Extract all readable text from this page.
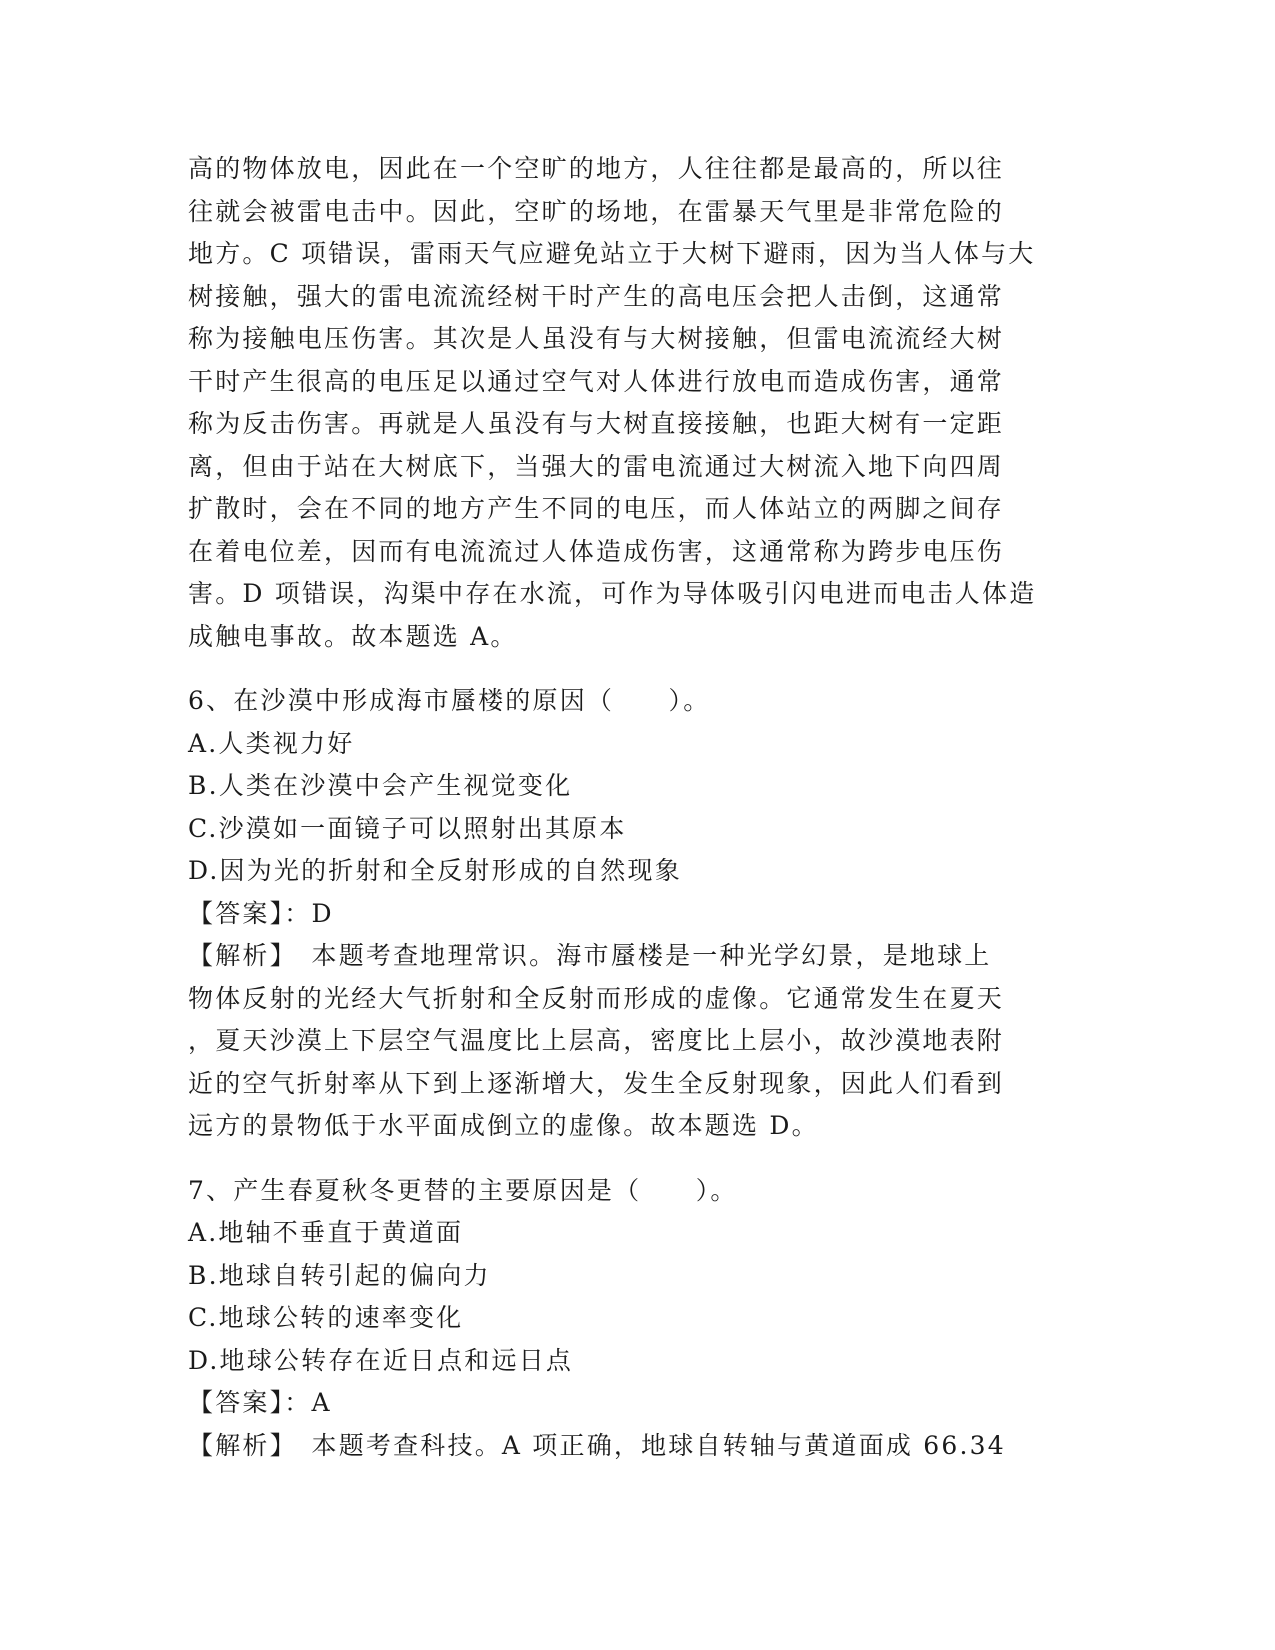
高的物体放电，因此在一个空旷的地方，人往往都是最高的，所以往
往就会被雷电击中。因此，空旷的场地，在雷暴天气里是非常危险的
地方。C 项错误，雷雨天气应避免站立于大树下避雨，因为当人体与大
树接触，强大的雷电流流经树干时产生的高电压会把人击倒，这通常
称为接触电压伤害。其次是人虽没有与大树接触，但雷电流流经大树
干时产生很高的电压足以通过空气对人体进行放电而造成伤害，通常
称为反击伤害。再就是人虽没有与大树直接接触，也距大树有一定距
离，但由于站在大树底下，当强大的雷电流通过大树流入地下向四周
扩散时，会在不同的地方产生不同的电压，而人体站立的两脚之间存
在着电位差，因而有电流流过人体造成伤害，这通常称为跨步电压伤
害。D 项错误，沟渠中存在水流，可作为导体吸引闪电进而电击人体造
成触电事故。故本题选 A。
6、在沙漠中形成海市蜃楼的原因（　　）。
A.人类视力好
B.人类在沙漠中会产生视觉变化
C.沙漠如一面镜子可以照射出其原本
D.因为光的折射和全反射形成的自然现象
【答案】：D
【解析】　本题考查地理常识。海市蜃楼是一种光学幻景，是地球上
物体反射的光经大气折射和全反射而形成的虚像。它通常发生在夏天
，夏天沙漠上下层空气温度比上层高，密度比上层小，故沙漠地表附
近的空气折射率从下到上逐渐增大，发生全反射现象，因此人们看到
远方的景物低于水平面成倒立的虚像。故本题选 D。
7、产生春夏秋冬更替的主要原因是（　　）。
A.地轴不垂直于黄道面
B.地球自转引起的偏向力
C.地球公转的速率变化
D.地球公转存在近日点和远日点
【答案】：A
【解析】　本题考查科技。A 项正确，地球自转轴与黄道面成 66.34
